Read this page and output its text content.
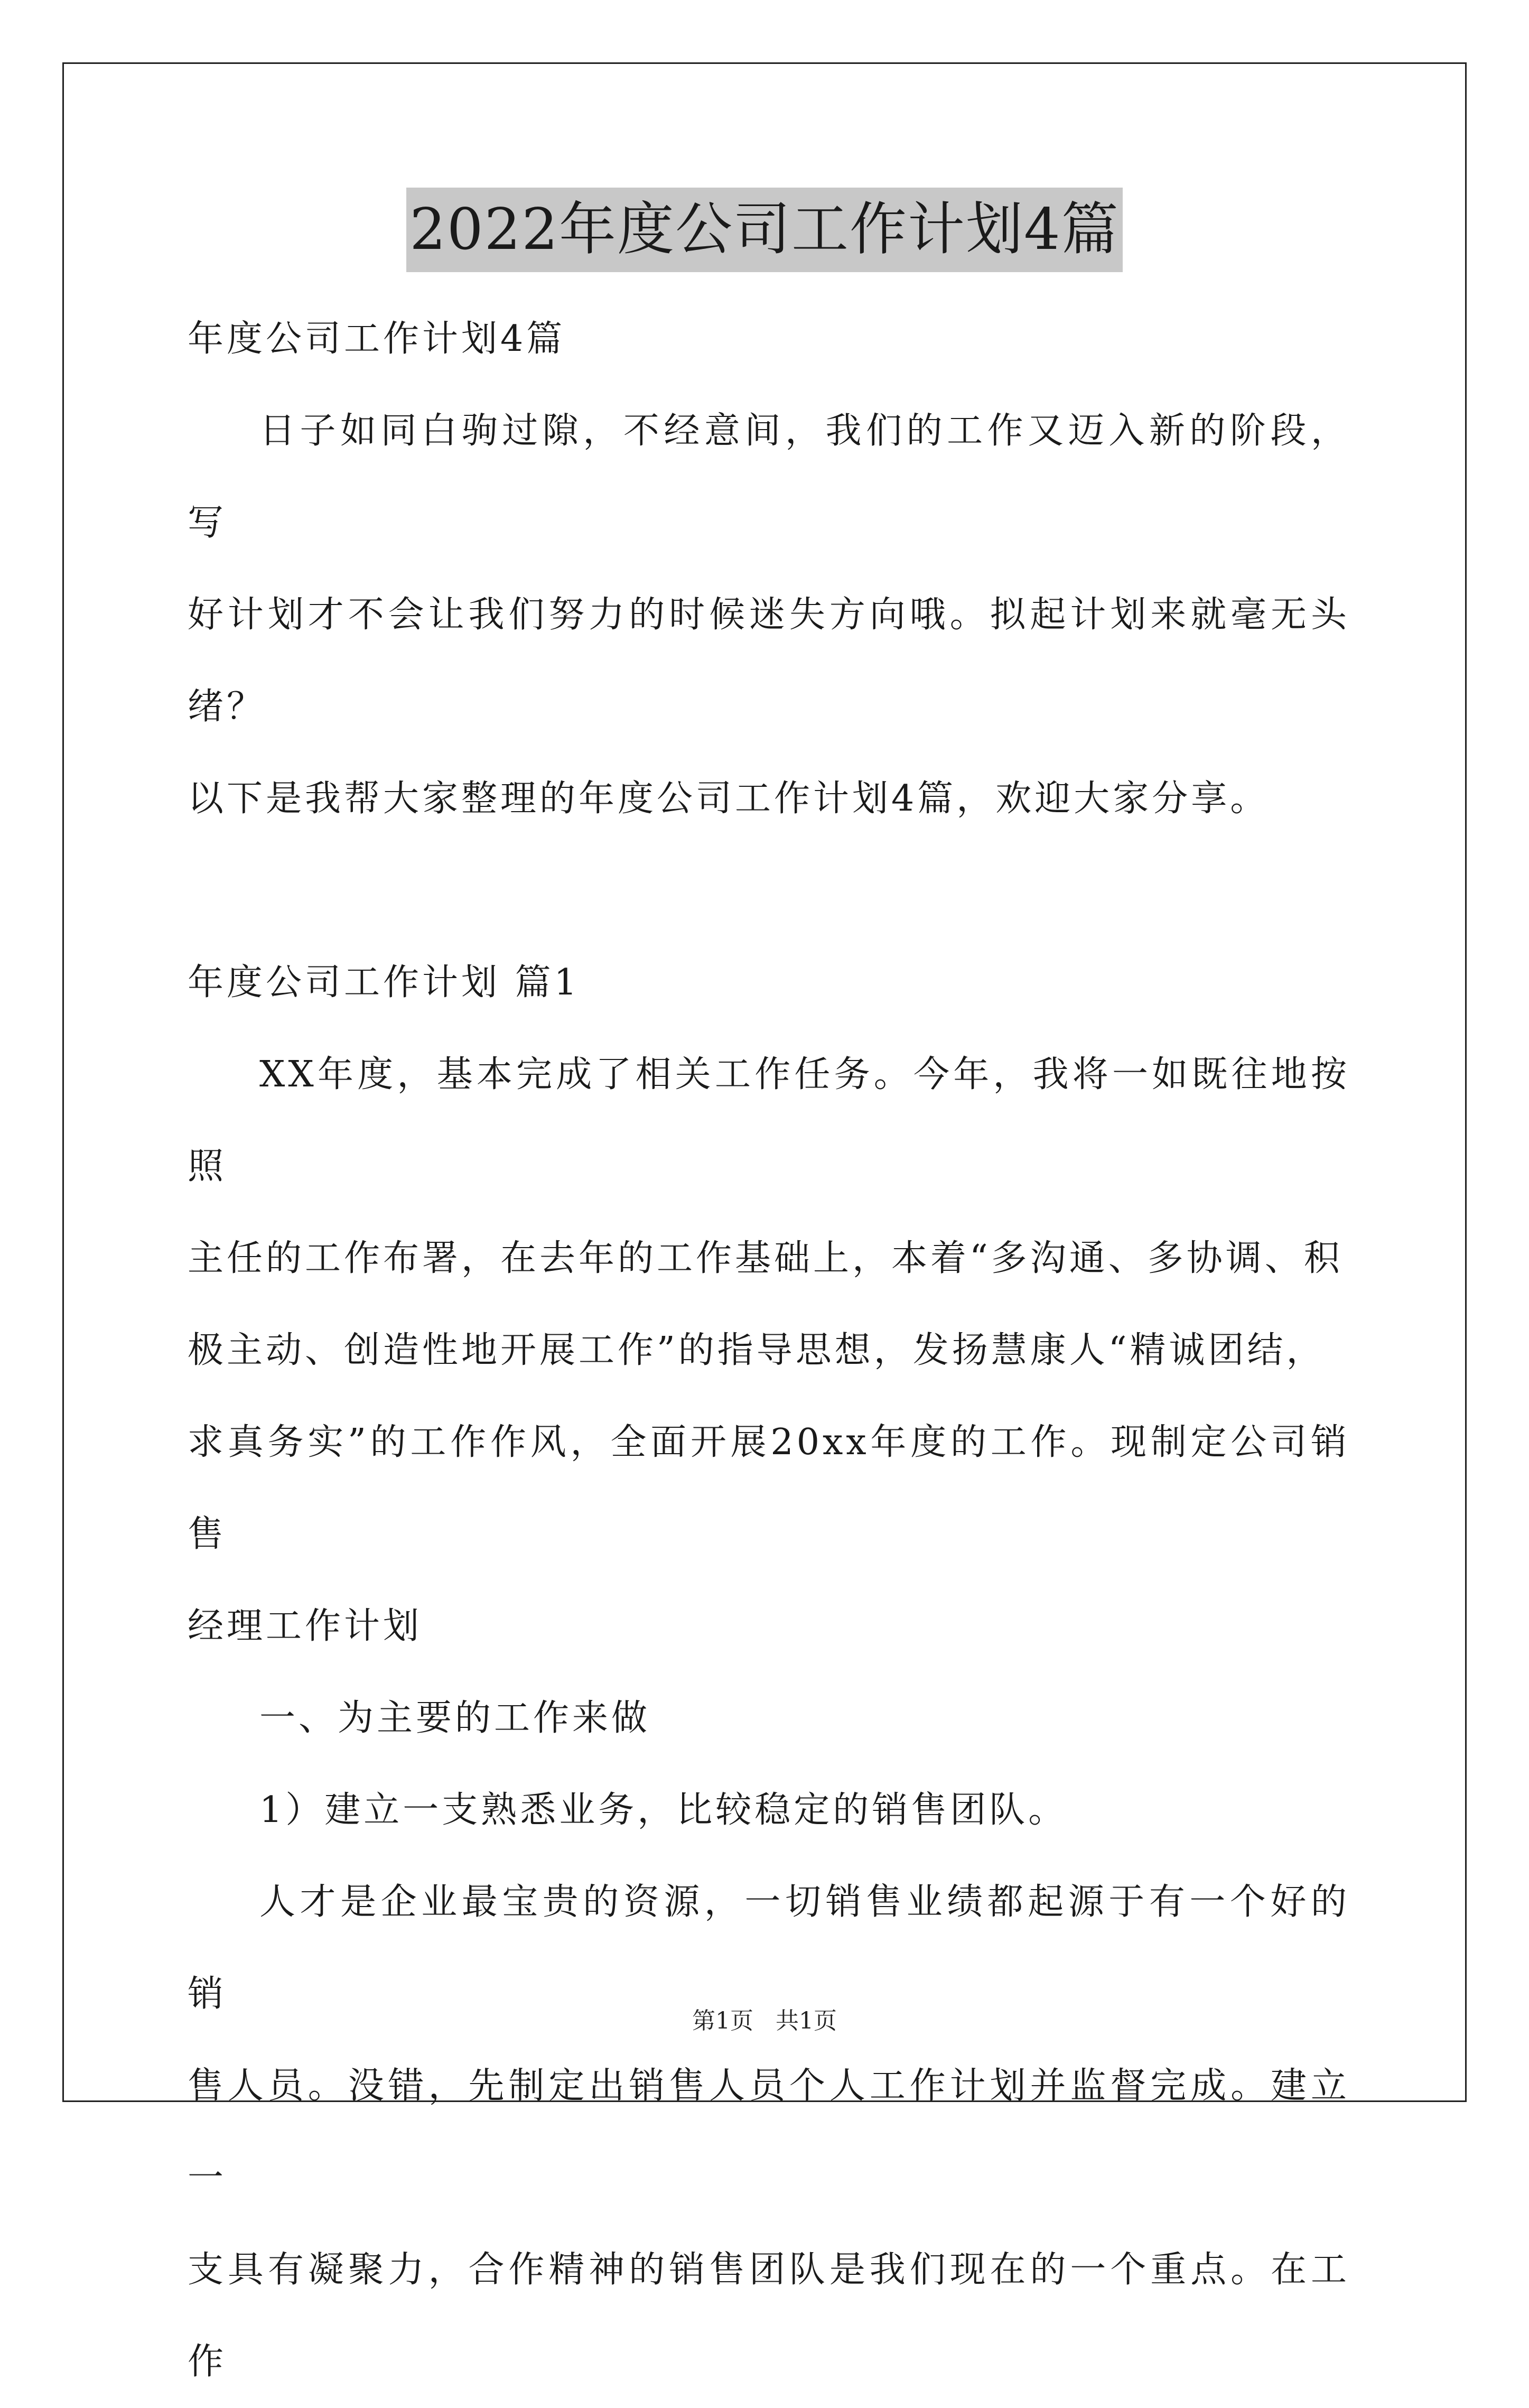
2022年度公司工作计划4篇

年度公司工作计划4篇

日子如同白驹过隙，不经意间，我们的工作又迈入新的阶段，写

好计划才不会让我们努力的时候迷失方向哦。拟起计划来就毫无头绪？

以下是我帮大家整理的年度公司工作计划4篇，欢迎大家分享。

年度公司工作计划 篇1

XX年度，基本完成了相关工作任务。今年，我将一如既往地按照

主任的工作布署，在去年的工作基础上，本着“多沟通、多协调、积

极主动、创造性地开展工作”的指导思想，发扬慧康人“精诚团结，

求真务实”的工作作风，全面开展20xx年度的工作。现制定公司销售

经理工作计划

一、为主要的工作来做

1）建立一支熟悉业务，比较稳定的销售团队。

人才是企业最宝贵的资源，一切销售业绩都起源于有一个好的销

售人员。没错，先制定出销售人员个人工作计划并监督完成。建立一

支具有凝聚力，合作精神的销售团队是我们现在的一个重点。在工作

第1页 共1页
